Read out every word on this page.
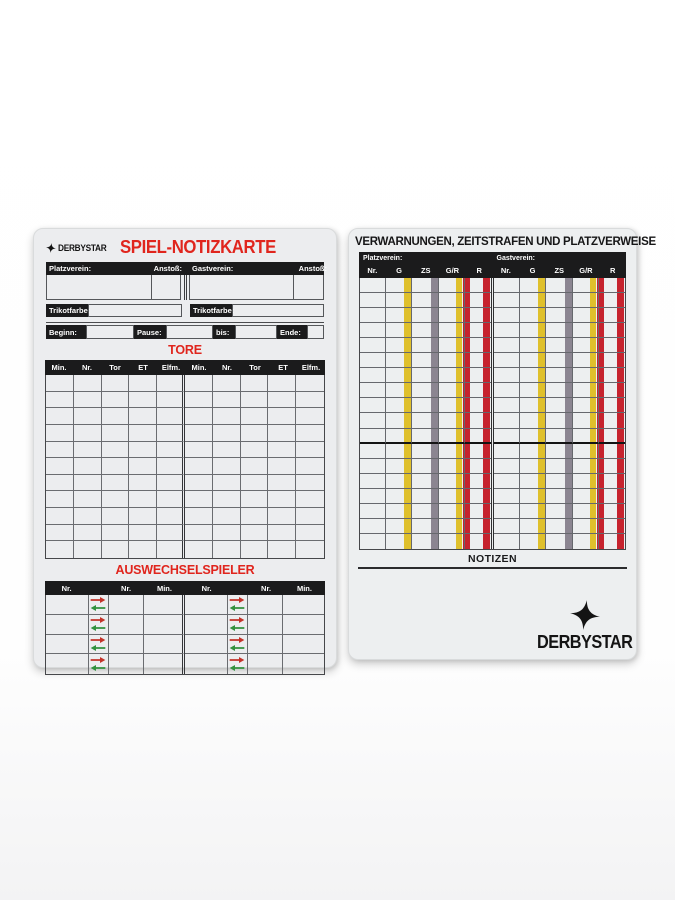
DERBYSTAR SPIEL-NOTIZKARTE
Platzverein:	Anstoß: Gastverein:	Anstoß:
Trikotfarbe:	Trikotfarbe:
Beginn:	Pause:	bis:	Ende:
TORE
Min.	Nr.	Tor	ET	Elfm.	Min.	Nr.	Tor	ET	Elfm.
AUSWECHSELSPIELER
Nr.	Nr.	Min.	Nr.	Nr.	Min.
VERWARNUNGEN, ZEITSTRAFEN UND PLATZVERWEISE
Platzverein:	Gastverein:
Nr.	G	ZS	G/R	R	Nr.	G	ZS	G/R	R
NOTIZEN
DERBYSTAR
